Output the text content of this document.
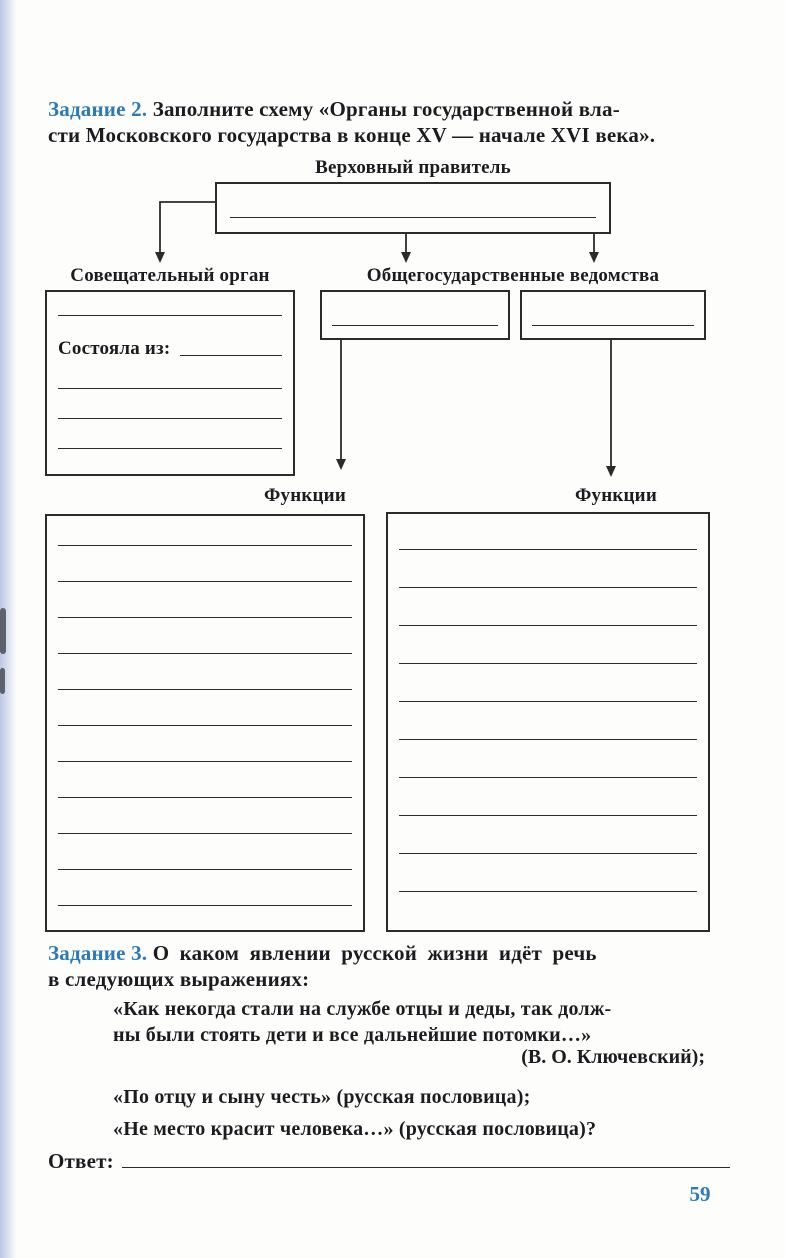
Задание 2. Заполните схему «Органы государственной вла-
сти Московского государства в конце XV — начале XVI века».
Верховный правитель
Совещательный орган
Состояла из:
Общегосударственные ведомства
Функции	Функции
Задание 3. О каком явлении русской жизни идёт речь
в следующих выражениях:
«Как некогда стали на службе отцы и деды, так долж-
ны были стоять дети и все дальнейшие потомки…»
(В. О. Ключевский);
«По отцу и сыну честь» (русская пословица);
«Не место красит человека…» (русская пословица)?
Ответ:
59
